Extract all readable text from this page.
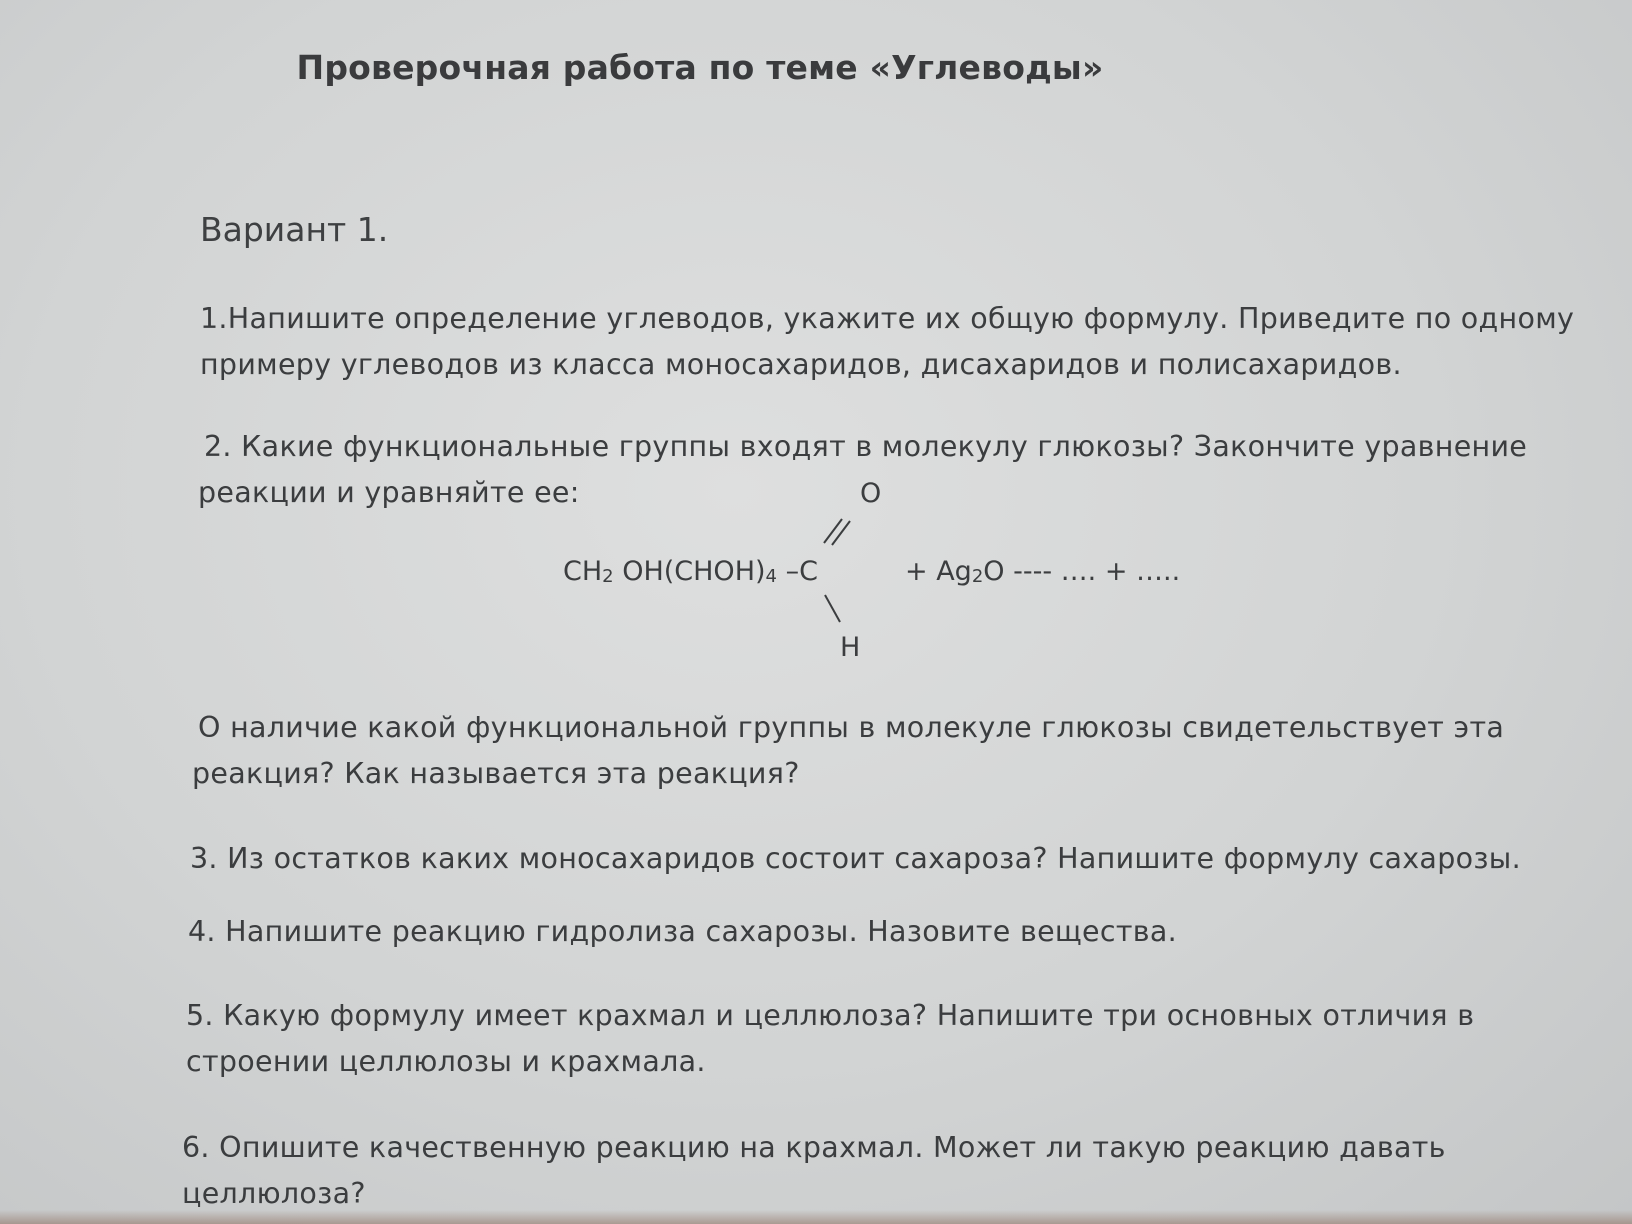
Проверочная работа по теме «Углеводы»
Вариант 1.
1.Напишите определение углеводов, укажите их общую формулу. Приведите по одному
примеру углеводов из класса моносахаридов, дисахаридов и полисахаридов.
2. Какие функциональные группы входят в молекулу глюкозы? Закончите уравнение
реакции и уравняйте ее:	O
$CH_2$ $OH(CHOH)_4$ –C	+ $Ag_2O$ ---- …. + …..
H
О наличие какой функциональной группы в молекуле глюкозы свидетельствует эта
реакция? Как называется эта реакция?
3. Из остатков каких моносахаридов состоит сахароза? Напишите формулу сахарозы.
4. Напишите реакцию гидролиза сахарозы. Назовите вещества.
5. Какую формулу имеет крахмал и целлюлоза? Напишите три основных отличия в
строении целлюлозы и крахмала.
6. Опишите качественную реакцию на крахмал. Может ли такую реакцию давать
целлюлоза?
